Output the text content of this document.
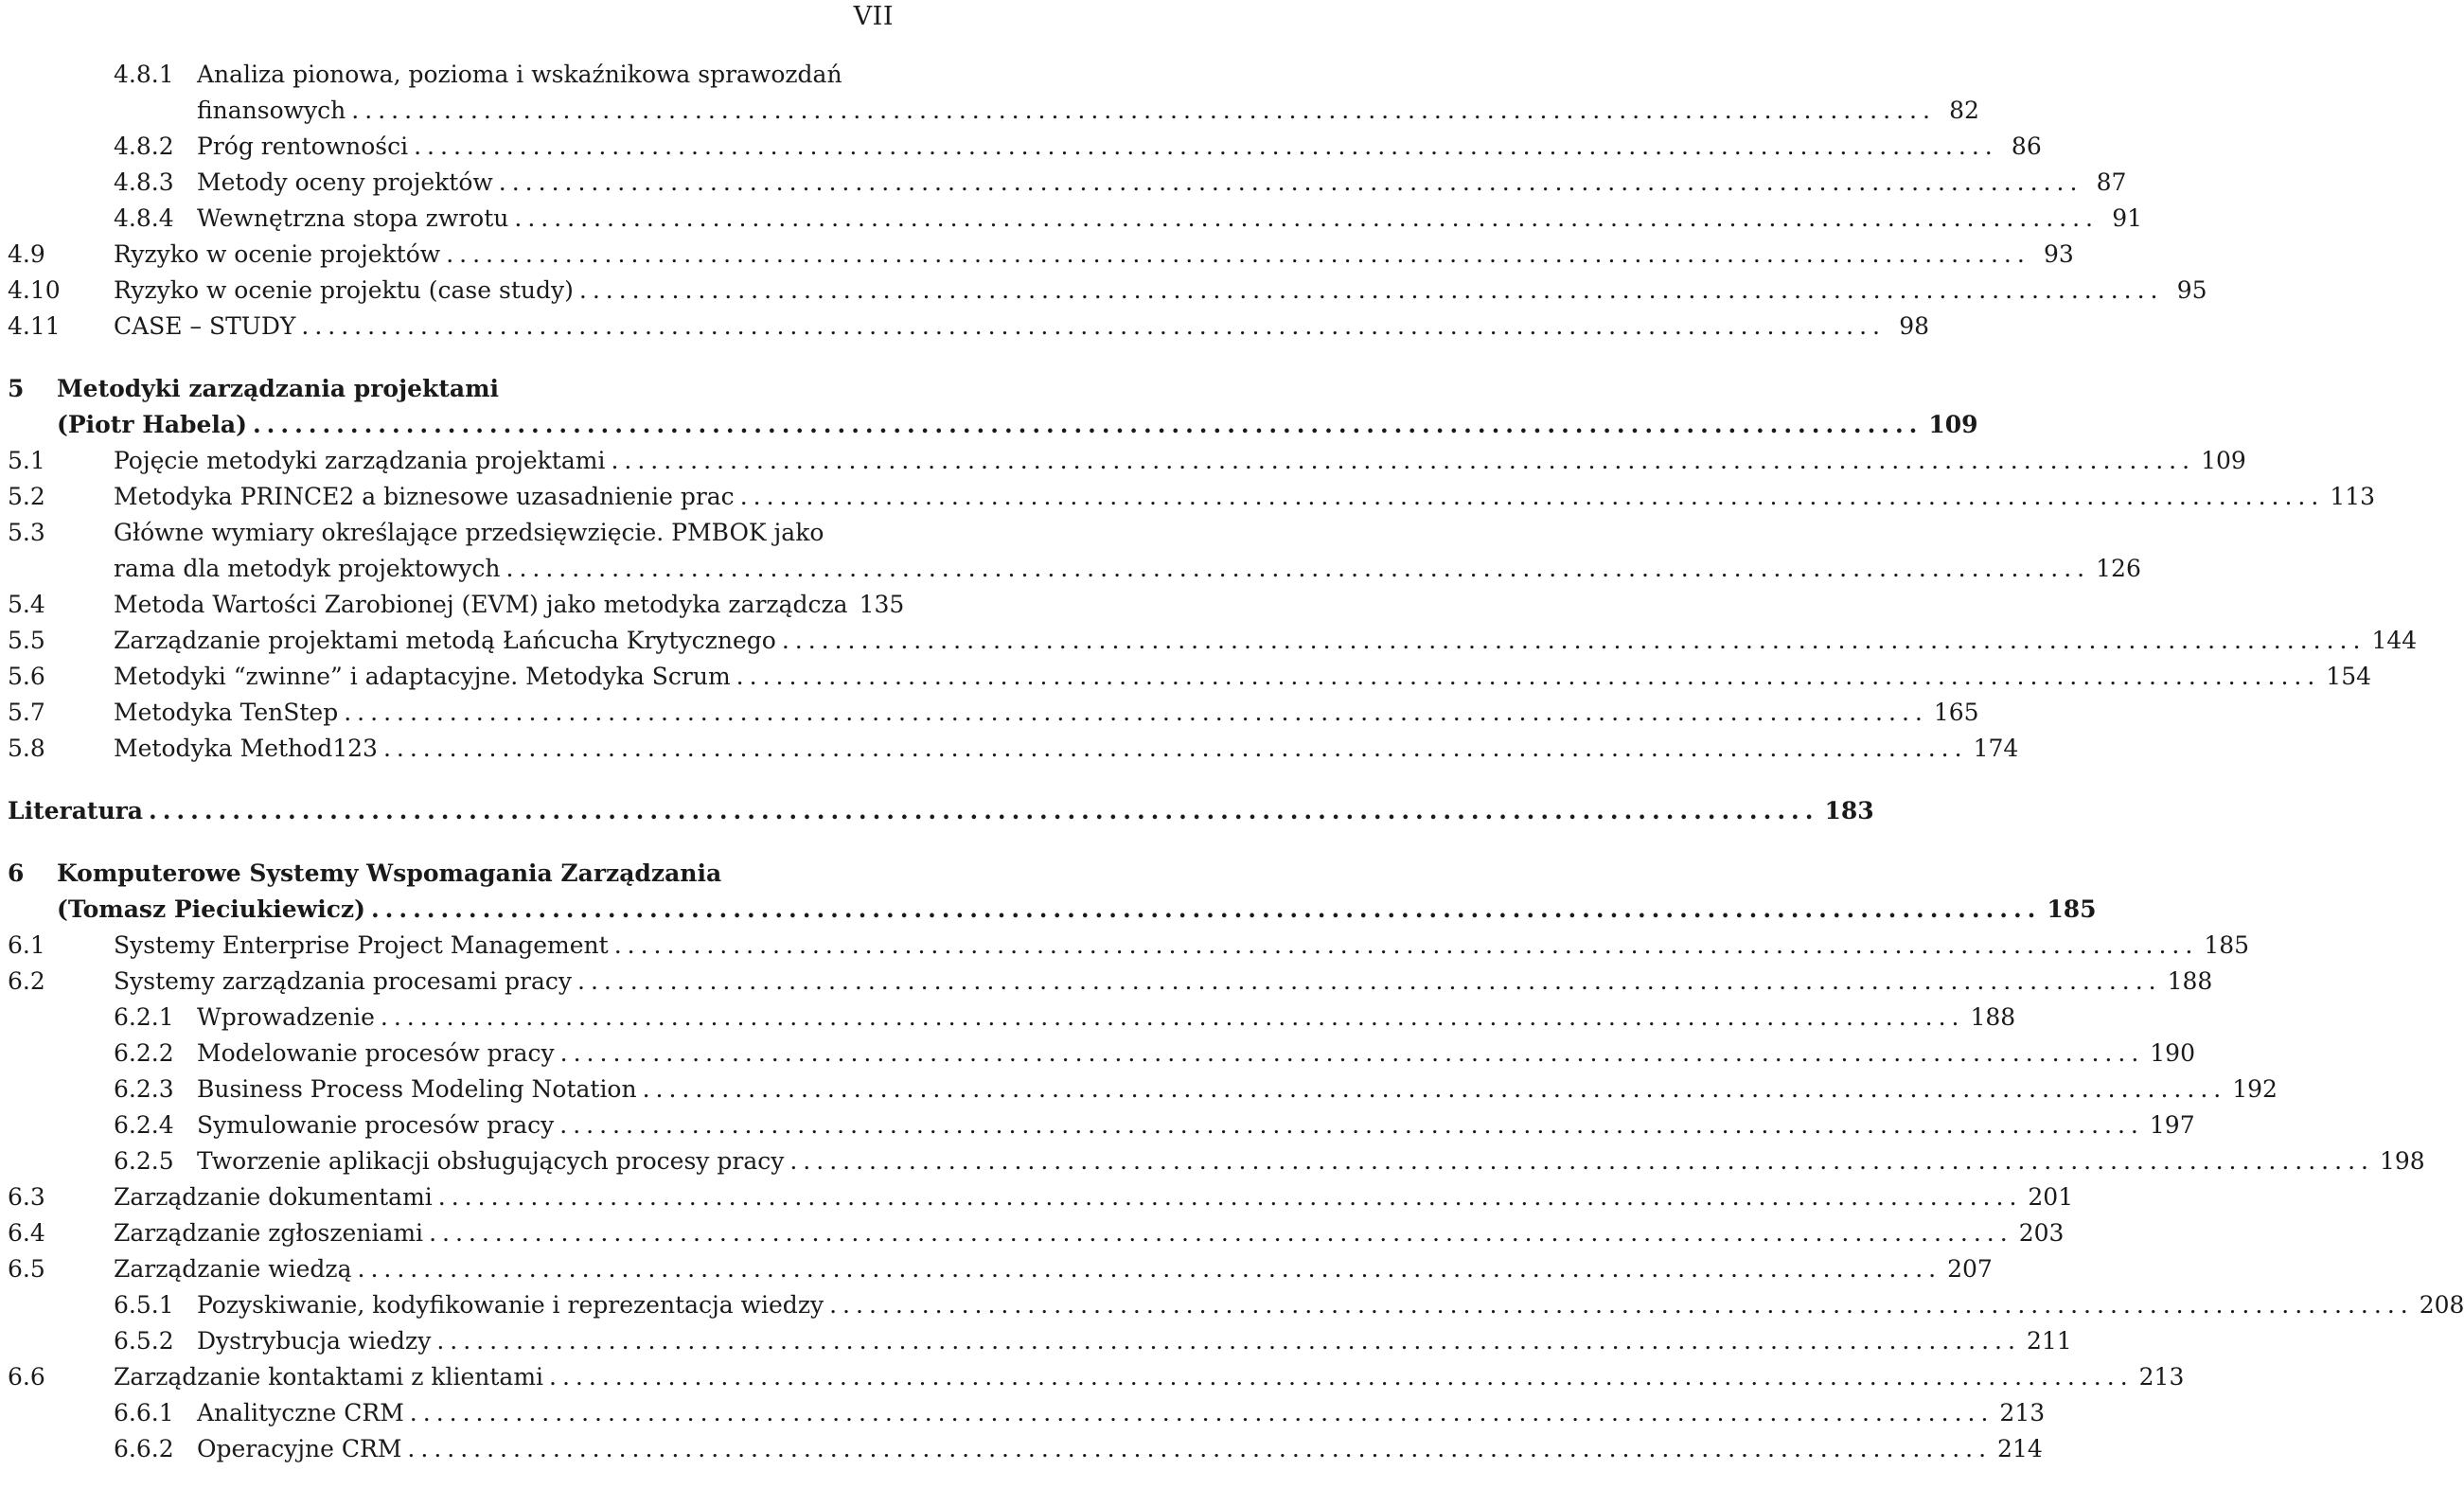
VII
4.8.1 Analiza pionowa, pozioma i wskaźnikowa sprawozdań
finansowych ........................................................................................................................ 82
4.8.2 Próg rentowności ........................................................................................................................ 86
4.8.3 Metody oceny projektów ........................................................................................................................ 87
4.8.4 Wewnętrzna stopa zwrotu ........................................................................................................................ 91
4.9	Ryzyko w ocenie projektów ........................................................................................................................ 93
4.10 Ryzyko w ocenie projektu (case study) ........................................................................................................................ 95
4.11 CASE – STUDY ........................................................................................................................ 98
5 Metodyki zarządzania projektami
(Piotr Habela) ........................................................................................................................ 109
5.1	Pojęcie metodyki zarządzania projektami ........................................................................................................................ 109
5.2	Metodyka PRINCE2 a biznesowe uzasadnienie prac ........................................................................................................................ 113
5.3	Główne wymiary określające przedsięwzięcie. PMBOK jako
rama dla metodyk projektowych ........................................................................................................................ 126
5.4	Metoda Wartości Zarobionej (EVM) jako metodyka zarządcza 135
5.5	Zarządzanie projektami metodą Łańcucha Krytycznego ........................................................................................................................ 144
5.6	Metodyki “zwinne” i adaptacyjne. Metodyka Scrum ........................................................................................................................ 154
5.7	Metodyka TenStep ........................................................................................................................ 165
5.8	Metodyka Method123 ........................................................................................................................ 174
Literatura ........................................................................................................................ 183
6 Komputerowe Systemy Wspomagania Zarządzania
(Tomasz Pieciukiewicz) ........................................................................................................................ 185
6.1	Systemy Enterprise Project Management ........................................................................................................................ 185
6.2	Systemy zarządzania procesami pracy ........................................................................................................................ 188
6.2.1 Wprowadzenie ........................................................................................................................ 188
6.2.2 Modelowanie procesów pracy ........................................................................................................................ 190
6.2.3 Business Process Modeling Notation ........................................................................................................................ 192
6.2.4 Symulowanie procesów pracy ........................................................................................................................ 197
6.2.5 Tworzenie aplikacji obsługujących procesy pracy ........................................................................................................................ 198
6.3	Zarządzanie dokumentami ........................................................................................................................ 201
6.4	Zarządzanie zgłoszeniami ........................................................................................................................ 203
6.5	Zarządzanie wiedzą ........................................................................................................................ 207
6.5.1 Pozyskiwanie, kodyfikowanie i reprezentacja wiedzy ........................................................................................................................ 208
6.5.2 Dystrybucja wiedzy ........................................................................................................................ 211
6.6	Zarządzanie kontaktami z klientami ........................................................................................................................ 213
6.6.1 Analityczne CRM ........................................................................................................................ 213
6.6.2 Operacyjne CRM ........................................................................................................................ 214
